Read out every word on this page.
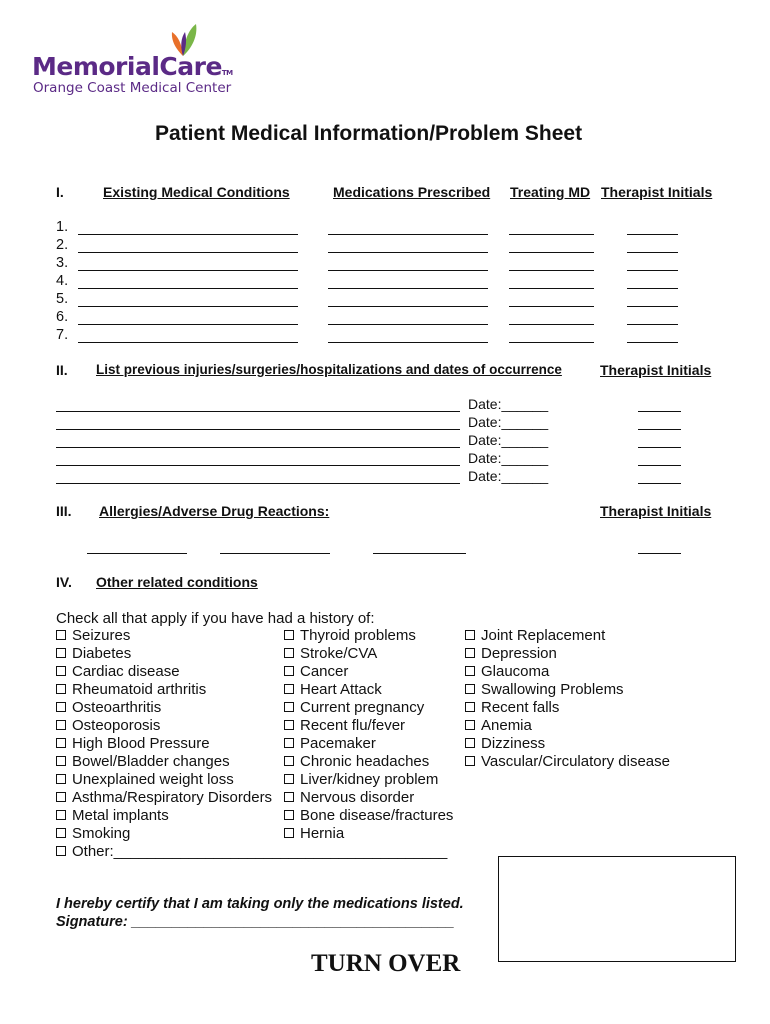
MemorialCareTM
Orange Coast Medical Center
Patient Medical Information/Problem Sheet
I.	Existing Medical Conditions	Medications Prescribed Treating MD Therapist Initials
1.
2.
3.
4.
5.
6.
7.
II. List previous injuries/surgeries/hospitalizations and dates of occurrence	Therapist Initials
Date:______
Date:______
Date:______
Date:______
Date:______
III. Allergies/Adverse Drug Reactions:	Therapist Initials
IV. Other related conditions
Check all that apply if you have had a history of:
Seizures
Diabetes
Cardiac disease
Rheumatoid arthritis
Osteoarthritis
Osteoporosis
High Blood Pressure
Bowel/Bladder changes
Unexplained weight loss
Asthma/Respiratory Disorders
Metal implants
Smoking
Other:________________________________________
Thyroid problems
Stroke/CVA
Cancer
Heart Attack
Current pregnancy
Recent flu/fever
Pacemaker
Chronic headaches
Liver/kidney problem
Nervous disorder
Bone disease/fractures
Hernia
Joint Replacement
Depression
Glaucoma
Swallowing Problems
Recent falls
Anemia
Dizziness
Vascular/Circulatory disease
I hereby certify that I am taking only the medications listed.
Signature: ________________________________________
TURN OVER
